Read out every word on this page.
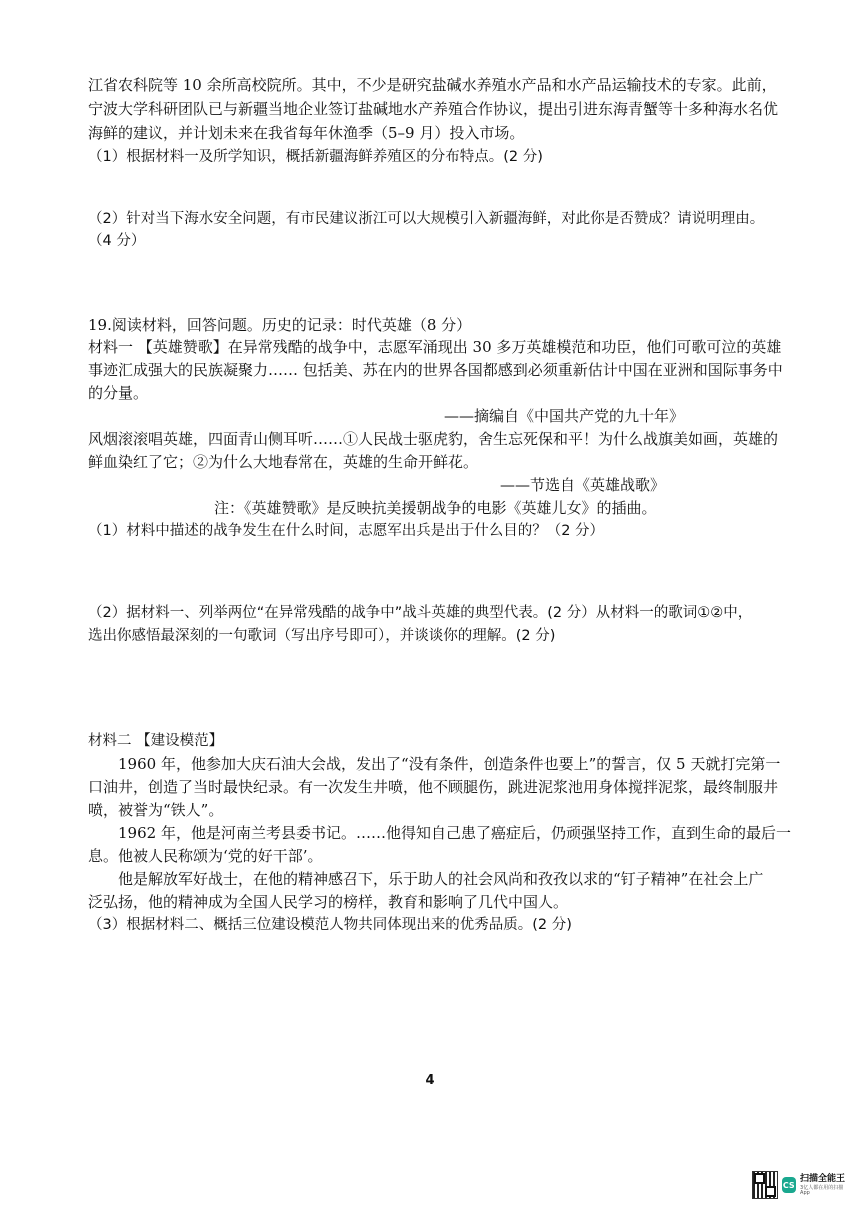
江省农科院等 10 余所高校院所。其中，不少是研究盐碱水养殖水产品和水产品运输技术的专家。此前，
宁波大学科研团队已与新疆当地企业签订盐碱地水产养殖合作协议，提出引进东海青蟹等十多种海水名优
海鲜的建议，并计划未来在我省每年休渔季（5–9 月）投入市场。
（1）根据材料一及所学知识，概括新疆海鲜养殖区的分布特点。(2 分)
（2）针对当下海水安全问题，有市民建议浙江可以大规模引入新疆海鲜，对此你是否赞成？请说明理由。
（4 分）
19.阅读材料，回答问题。历史的记录：时代英雄（8 分）
材料一 【英雄赞歌】在异常残酷的战争中，志愿军涌现出 30 多万英雄模范和功臣，他们可歌可泣的英雄
事迹汇成强大的民族凝聚力…… 包括美、苏在内的世界各国都感到必须重新估计中国在亚洲和国际事务中
的分量。
——摘编自《中国共产党的九十年》
风烟滚滚唱英雄，四面青山侧耳听……①人民战士驱虎豹，舍生忘死保和平！为什么战旗美如画，英雄的
鲜血染红了它；②为什么大地春常在，英雄的生命开鲜花。
——节选自《英雄战歌》
注：《英雄赞歌》是反映抗美援朝战争的电影《英雄儿女》的插曲。
（1）材料中描述的战争发生在什么时间，志愿军出兵是出于什么目的？（2 分）
（2）据材料一、列举两位“在异常残酷的战争中”战斗英雄的典型代表。(2 分）从材料一的歌词①②中，
选出你感悟最深刻的一句歌词（写出序号即可），并谈谈你的理解。(2 分)
材料二 【建设模范】
1960 年，他参加大庆石油大会战，发出了“没有条件，创造条件也要上”的誓言，仅 5 天就打完第一
口油井，创造了当时最快纪录。有一次发生井喷，他不顾腿伤，跳进泥浆池用身体搅拌泥浆，最终制服井
喷，被誉为“铁人”。
1962 年，他是河南兰考县委书记。……他得知自己患了癌症后，仍顽强坚持工作，直到生命的最后一
息。他被人民称颂为‘党的好干部’。
他是解放军好战士，在他的精神感召下，乐于助人的社会风尚和孜孜以求的“钉子精神”在社会上广
泛弘扬，他的精神成为全国人民学习的榜样，教育和影响了几代中国人。
（3）根据材料二、概括三位建设模范人物共同体现出来的优秀品质。(2 分)
4
CS
扫描全能王
3亿人都在用的扫描App
